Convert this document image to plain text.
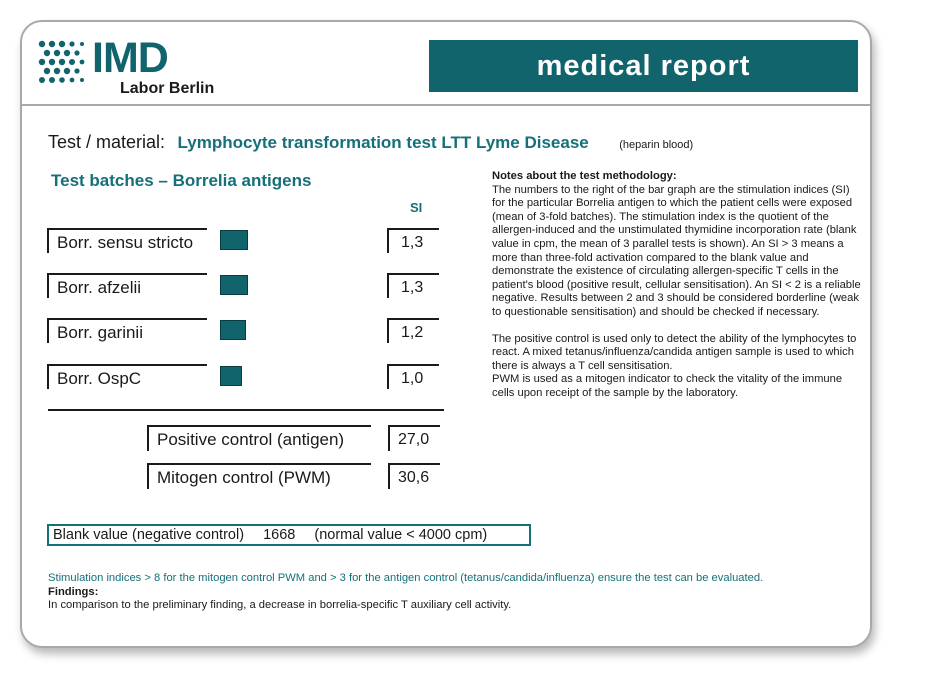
IMD
Labor Berlin
medical report
Test / material: Lymphocyte transformation test LTT Lyme Disease	(heparin blood)
Test batches – Borrelia antigens
SI
Borr. sensu stricto	1,3
Borr. afzelii	1,3
Borr. garinii	1,2
Borr. OspC	1,0
Positive control (antigen)	27,0
Mitogen control (PWM)	30,6

Notes about the test methodology:

The numbers to the right of the bar graph are the stimulation indices (SI) for the particular Borrelia antigen to which the patient cells were exposed (mean of 3-fold batches). The stimulation index is the quotient of the allergen-induced and the unstimulated thymidine incorporation rate (blank value in cpm, the mean of 3 parallel tests is shown). An SI > 3 means a more than three-fold activation compared to the blank value and demonstrate the existence of circulating allergen-specific T cells in the patient's blood (positive result, cellular sensitisation). An SI < 2 is a reliable negative. Results between 2 and 3 should be considered borderline (weak to questionable sensitisation) and should be checked if necessary.

The positive control is used only to detect the ability of the lymphocytes to react. A mixed tetanus/influenza/candida antigen sample is used to which there is always a T cell sensitisation.

PWM is used as a mitogen indicator to check the vitality of the immune cells upon receipt of the sample by the laboratory.

Blank value (negative control) 1668 (normal value < 4000 cpm)
Stimulation indices > 8 for the mitogen control PWM and > 3 for the antigen control (tetanus/candida/influenza) ensure the test can be evaluated.
Findings:
In comparison to the preliminary finding, a decrease in borrelia-specific T auxiliary cell activity.
